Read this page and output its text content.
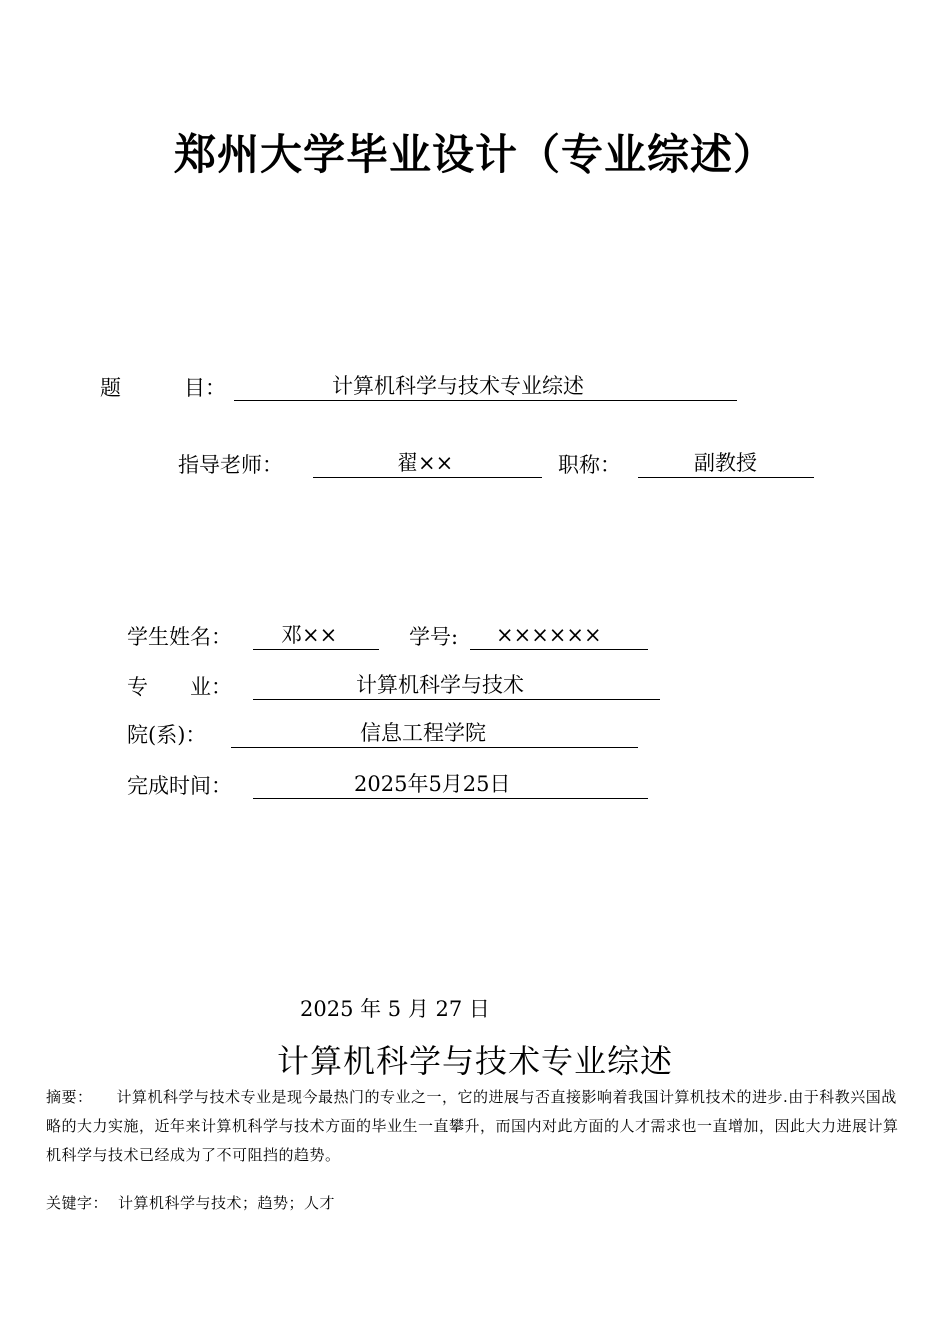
郑州大学毕业设计（专业综述）
题　　　目：	计算机科学与技术专业综述
指导老师：	翟××	职称：	副教授
学生姓名： 邓××	学号: ××××××
专　　业：	计算机科学与技术
院(系)：	信息工程学院
完成时间：	2025年5月25日
2025 年 5 月 27 日
计算机科学与技术专业综述
摘要： 计算机科学与技术专业是现今最热门的专业之一，它的进展与否直接影响着我国计算机技术的进步.由于科教兴国战略的大力实施，近年来计算机科学与技术方面的毕业生一直攀升，而国内对此方面的人才需求也一直增加，因此大力进展计算机科学与技术已经成为了不可阻挡的趋势。
关键字： 计算机科学与技术；趋势；人才
